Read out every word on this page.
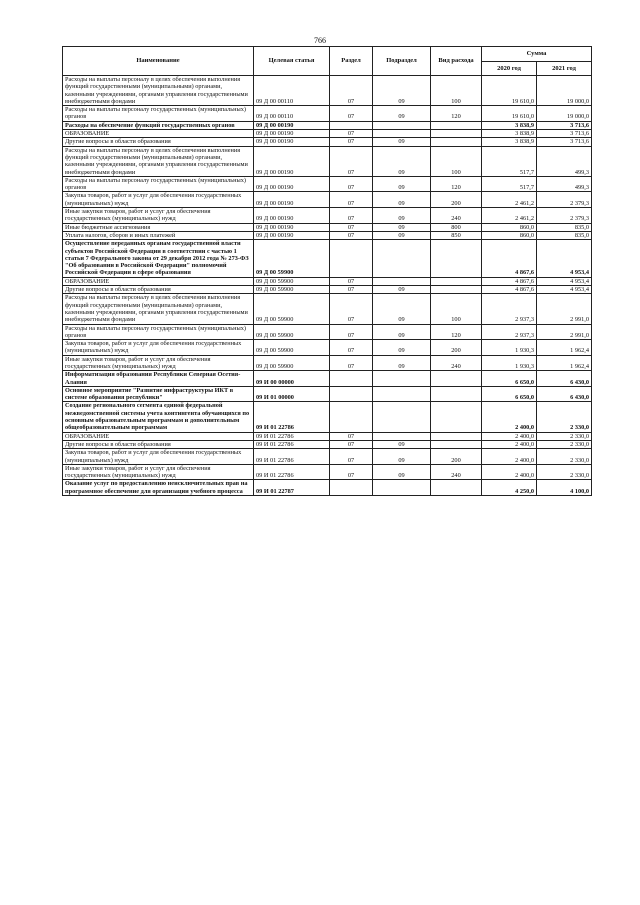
766
Наименование	Целевая статья	Раздел	Подраздел	Вид расхода	Сумма	
					2020 год	2021 год
Расходы на выплаты персоналу в целях обеспечения выполнения функций государственными (муниципальными) органами, казенными учреждениями, органами управления государственными внебюджетными фондами	09 Д 00 00110	07	09	100	19 610,0	19 000,0
Расходы на выплаты персоналу государственных (муниципальных) органов	09 Д 00 00110	07	09	120	19 610,0	19 000,0
Расходы на обеспечение функций государственных органов	09 Д 00 00190				3 838,9	3 713,6
ОБРАЗОВАНИЕ	09 Д 00 00190	07			3 838,9	3 713,6
Другие вопросы в области образования	09 Д 00 00190	07	09		3 838,9	3 713,6
Расходы на выплаты персоналу в целях обеспечения выполнения функций государственными (муниципальными) органами, казенными учреждениями, органами управления государственными внебюджетными фондами	09 Д 00 00190	07	09	100	517,7	499,3
Расходы на выплаты персоналу государственных (муниципальных) органов	09 Д 00 00190	07	09	120	517,7	499,3
Закупка товаров, работ и услуг для обеспечения государственных (муниципальных) нужд	09 Д 00 00190	07	09	200	2 461,2	2 379,3
Иные закупки товаров, работ и услуг для обеспечения государственных (муниципальных) нужд	09 Д 00 00190	07	09	240	2 461,2	2 379,3
Иные бюджетные ассигнования	09 Д 00 00190	07	09	800	860,0	835,0
Уплата налогов, сборов и иных платежей	09 Д 00 00190	07	09	850	860,0	835,0
Осуществление переданных органам государственной власти субъектов Российской Федерации в соответствии с частью 1 статьи 7 Федерального закона от 29 декабря 2012 года № 273-ФЗ "Об образовании в Российской Федерации" полномочий Российской Федерации в сфере образования	09 Д 00 59900				4 867,6	4 953,4
ОБРАЗОВАНИЕ	09 Д 00 59900	07			4 867,6	4 953,4
Другие вопросы в области образования	09 Д 00 59900	07	09		4 867,6	4 953,4
Расходы на выплаты персоналу в целях обеспечения выполнения функций государственными (муниципальными) органами, казенными учреждениями, органами управления государственными внебюджетными фондами	09 Д 00 59900	07	09	100	2 937,3	2 991,0
Расходы на выплаты персоналу государственных (муниципальных) органов	09 Д 00 59900	07	09	120	2 937,3	2 991,0
Закупка товаров, работ и услуг для обеспечения государственных (муниципальных) нужд	09 Д 00 59900	07	09	200	1 930,3	1 962,4
Иные закупки товаров, работ и услуг для обеспечения государственных (муниципальных) нужд	09 Д 00 59900	07	09	240	1 930,3	1 962,4
Информатизация образования Республики Северная Осетия-Алания	09 И 00 00000				6 650,0	6 430,0
Основное мероприятие "Развитие инфраструктуры ИКТ в системе образования республики"	09 И 01 00000				6 650,0	6 430,0
Создание регионального сегмента единой федеральной межведомственной системы учета контингента обучающихся по основным образовательным программам и дополнительным общеобразовательным программам	09 И 01 22786				2 400,0	2 330,0
ОБРАЗОВАНИЕ	09 И 01 22786	07			2 400,0	2 330,0
Другие вопросы в области образования	09 И 01 22786	07	09		2 400,0	2 330,0
Закупка товаров, работ и услуг для обеспечения государственных (муниципальных) нужд	09 И 01 22786	07	09	200	2 400,0	2 330,0
Иные закупки товаров, работ и услуг для обеспечения государственных (муниципальных) нужд	09 И 01 22786	07	09	240	2 400,0	2 330,0
Оказание услуг по предоставлению неисключительных прав на программное обеспечение для организации учебного процесса	09 И 01 22787				4 250,0	4 100,0
